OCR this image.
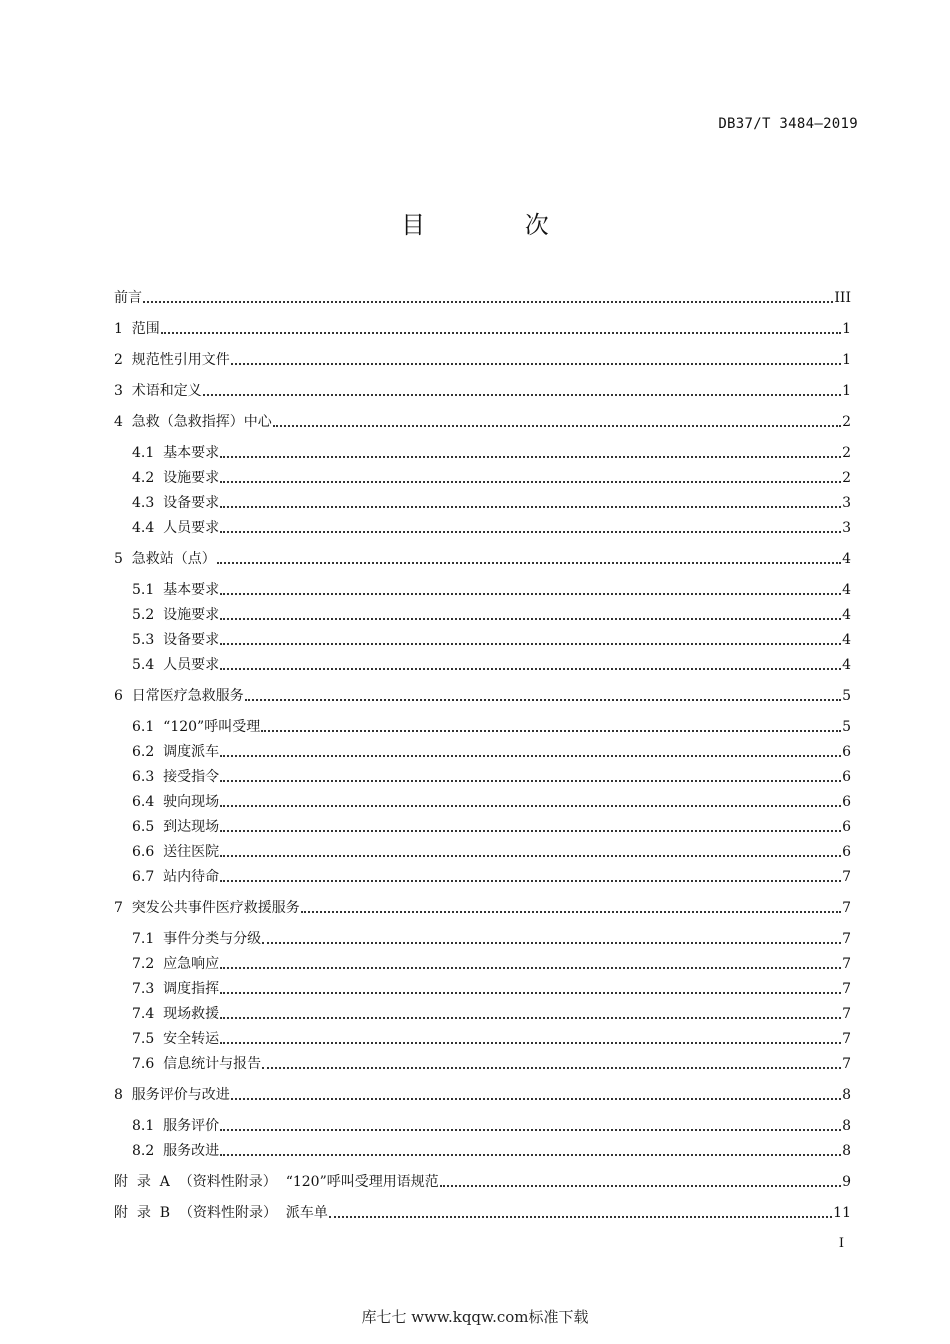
DB37/T 3484—2019
目 次
前言	III
1  范围	1
2  规范性引用文件	1
3  术语和定义	1
4  急救（急救指挥）中心	2
4.1  基本要求	2
4.2  设施要求	2
4.3  设备要求	3
4.4  人员要求	3
5  急救站（点）	4
5.1  基本要求	4
5.2  设施要求	4
5.3  设备要求	4
5.4  人员要求	4
6  日常医疗急救服务	5
6.1  “120”呼叫受理	5
6.2  调度派车	6
6.3  接受指令	6
6.4  驶向现场	6
6.5  到达现场	6
6.6  送往医院	6
6.7  站内待命	7
7  突发公共事件医疗救援服务	7
7.1  事件分类与分级	7
7.2  应急响应	7
7.3  调度指挥	7
7.4  现场救援	7
7.5  安全转运	7
7.6  信息统计与报告	7
8  服务评价与改进	8
8.1  服务评价	8
8.2  服务改进	8
附  录  A  （资料性附录）  “120”呼叫受理用语规范	9
附  录  B  （资料性附录）  派车单	11
I
库七七 www.kqqw.com标准下载
